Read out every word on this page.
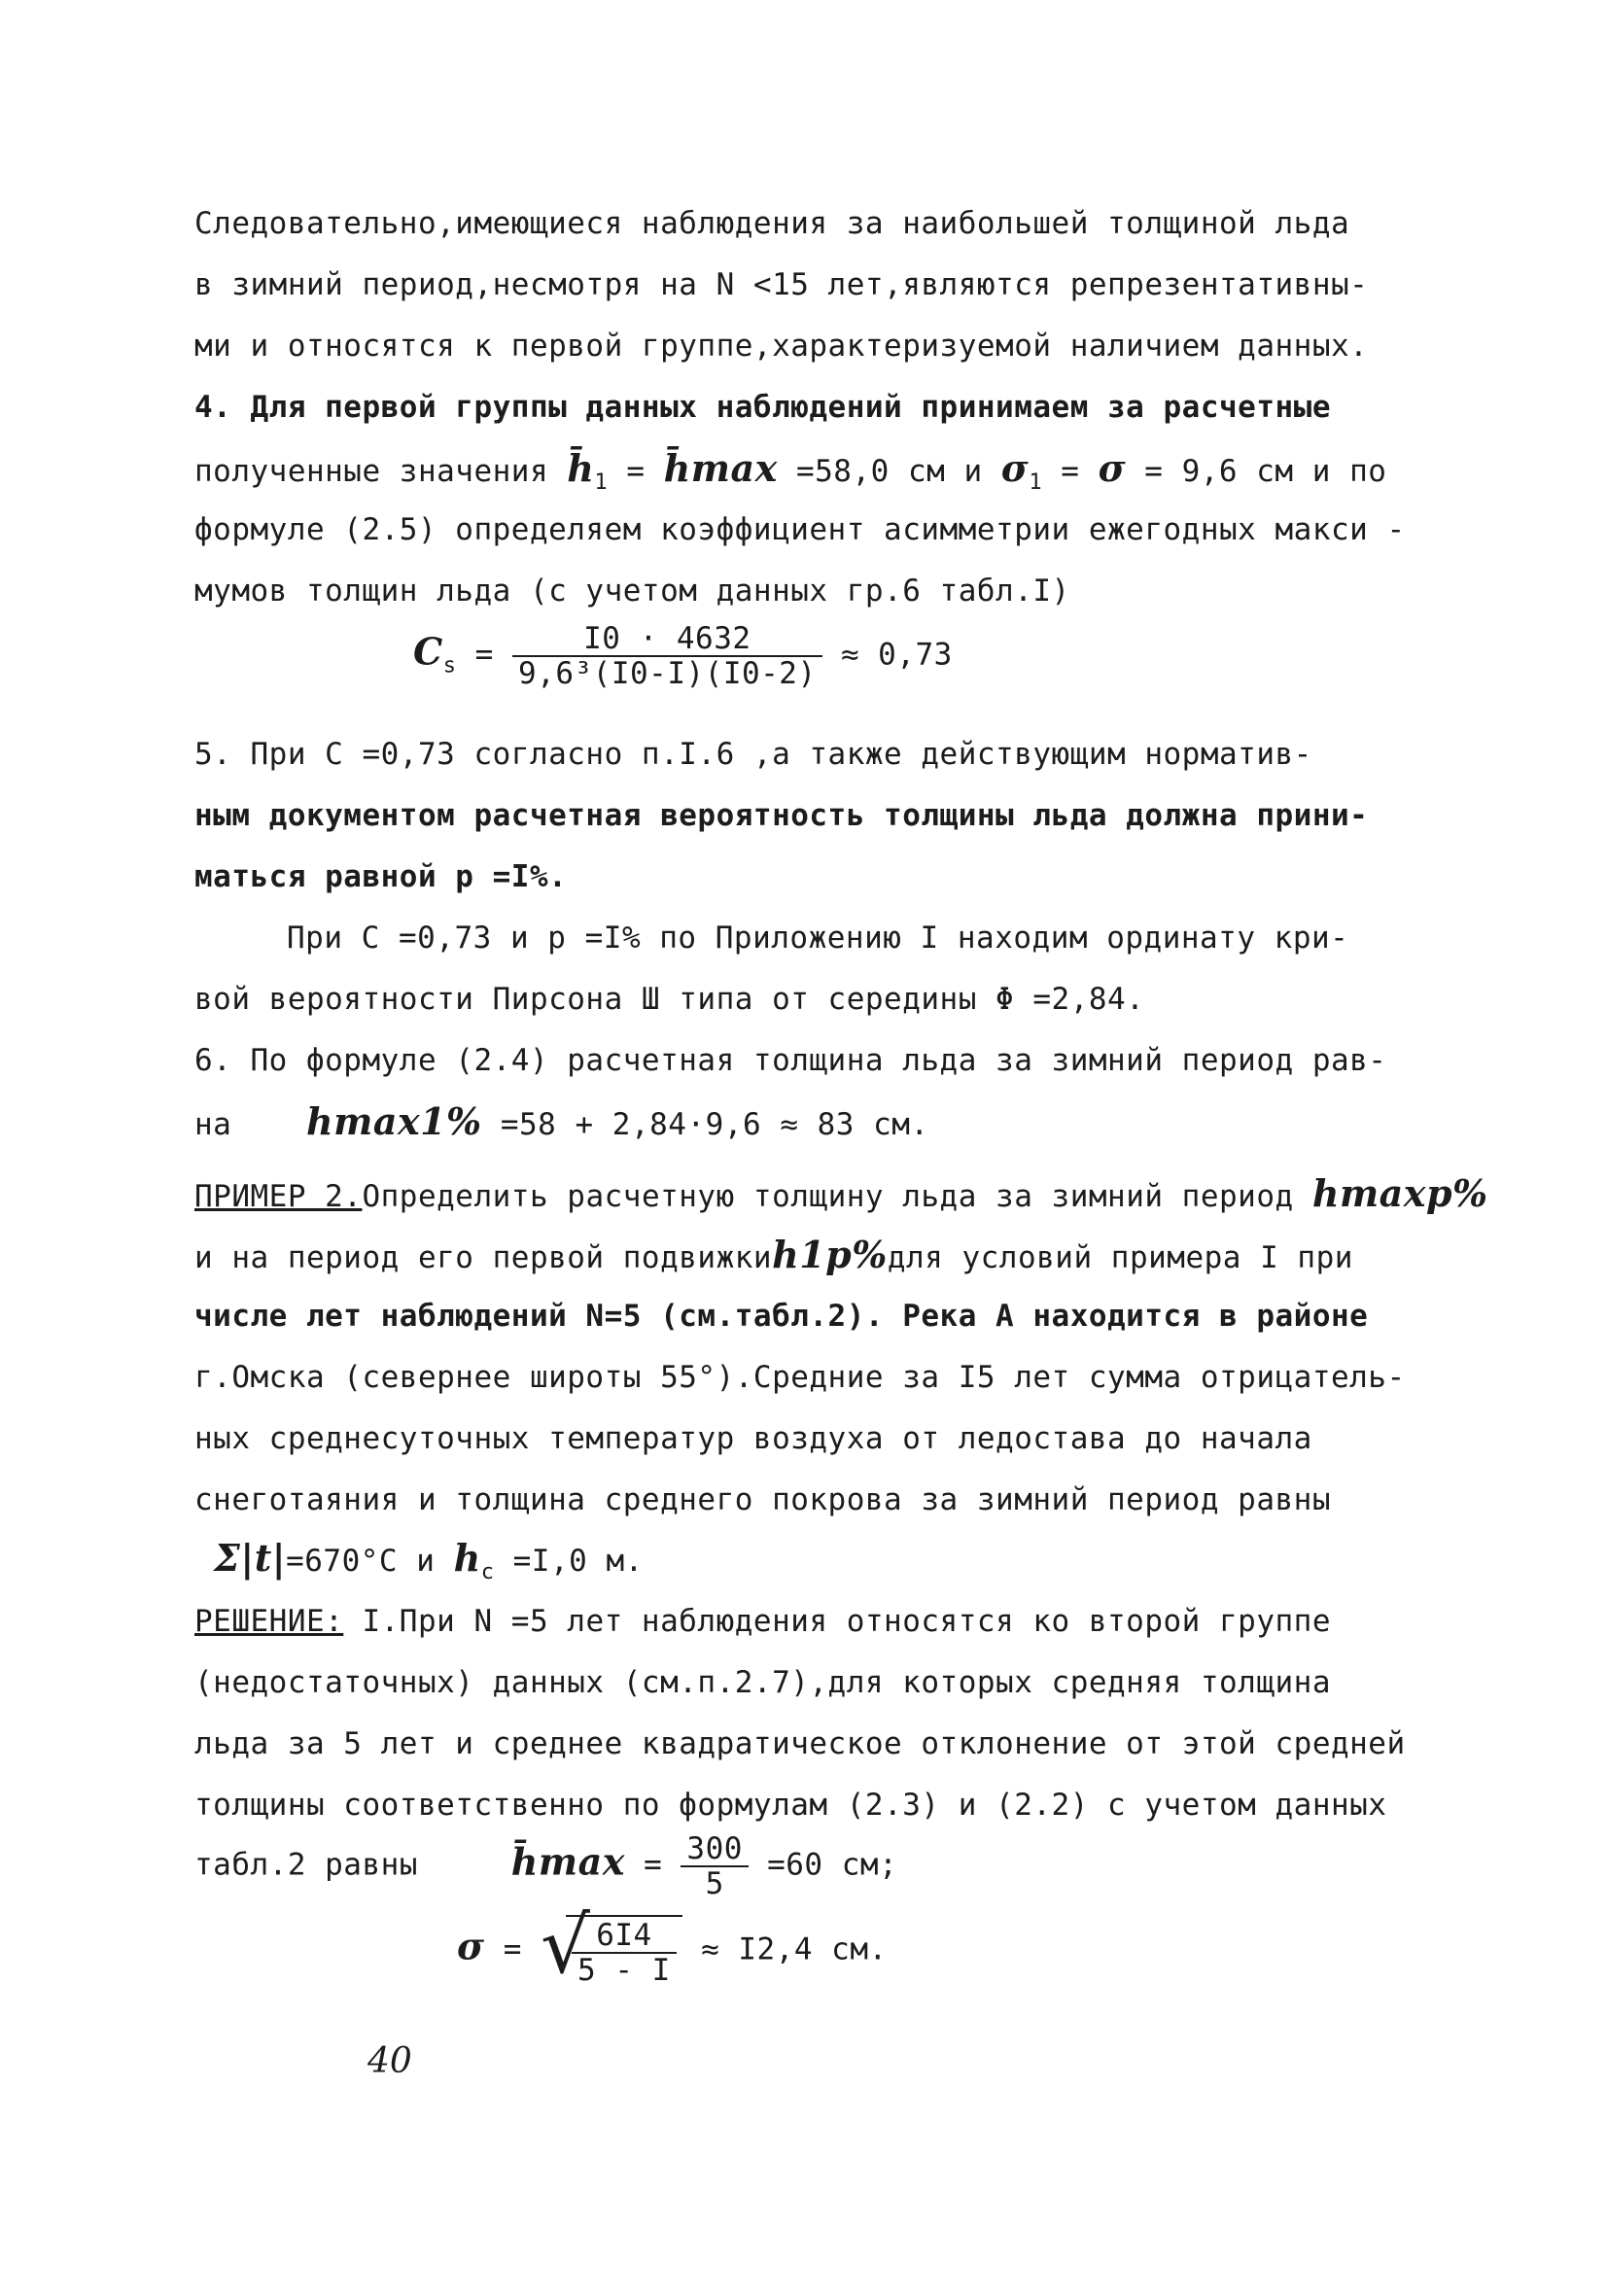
Следовательно,имеющиеся наблюдения за наибольшей толщиной льда
в зимний период,несмотря на N <15 лет,являются репрезентативны-
ми и относятся к первой группе,характеризуемой наличием данных.
4. Для первой группы данных наблюдений принимаем за расчетные
полученные значения $h̄_1$ = h̄max =58,0 см и $\sigma_1 = \sigma = 9,6$ см и по
формуле (2.5) определяем коэффициент асимметрии ежегодных макси -
мумов толщин льда (с учетом данных гр.6 табл.I)
$C_s = \frac{I0 \cdot 4632}{\text{9,6³(I0-I)(I0-2)}} \approx 0,73$
5. При C =0,73 согласно п.I.6 ,а также действующим норматив-
ным документом расчетная вероятность толщины льда должна прини-
маться равной p =I%.
При C =0,73 и p =I% по Приложению I находим ординату кри-
вой вероятности Пирсона Ш типа от середины Φ =2,84.
6. По формуле (2.4) расчетная толщина льда за зимний период рав-
на hmax1% =58 + 2,84·9,6 ≈ 83 см.
ПРИМЕР 2.Определить расчетную толщину льда за зимний период hmaxp%
и на период его первой подвижкиh1p%для условий примера I при
числе лет наблюдений N=5 (см.табл.2). Река А находится в районе
г.Омска (севернее широты 55°).Средние за I5 лет сумма отрицатель-
ных среднесуточных температур воздуха от ледостава до начала
снеготаяния и толщина среднего покрова за зимний период равны
Σ|t|=670°C и $h_c =I,0$ м.
РЕШЕНИЕ: I.При N =5 лет наблюдения относятся ко второй группе
(недостаточных) данных (см.п.2.7),для которых средняя толщина
льда за 5 лет и среднее квадратическое отклонение от этой средней
толщины соответственно по формулам (2.3) и (2.2) с учетом данных
табл.2 равны	h̄max = $\frac{300}{5} =60$ см;
σ = √
$\frac{6I4}{5 - I} \approx I2,4$ см.
40
